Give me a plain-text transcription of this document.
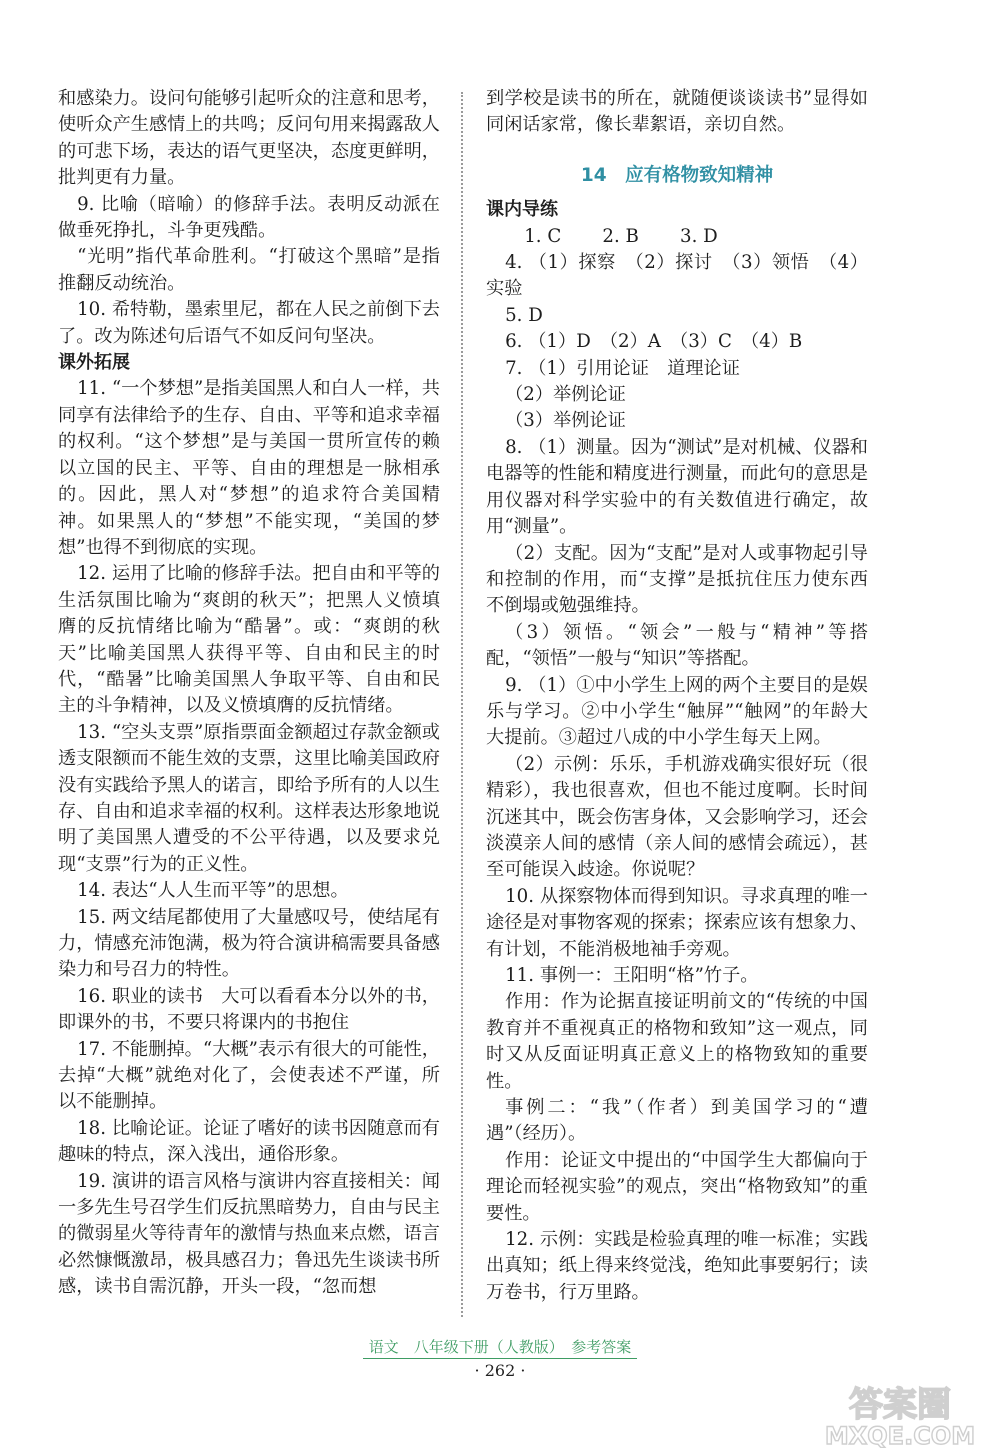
和感染力。设问句能够引起听众的注意和思考，使听众产生感情上的共鸣；反问句用来揭露敌人的可悲下场，表达的语气更坚决，态度更鲜明，批判更有力量。

9. 比喻（暗喻）的修辞手法。表明反动派在做垂死挣扎，斗争更残酷。

“光明”指代革命胜利。“打破这个黑暗”是指推翻反动统治。

10. 希特勒，墨索里尼，都在人民之前倒下去了。改为陈述句后语气不如反问句坚决。

课外拓展

11. “一个梦想”是指美国黑人和白人一样，共同享有法律给予的生存、自由、平等和追求幸福的权利。“这个梦想”是与美国一贯所宣传的赖以立国的民主、平等、自由的理想是一脉相承的。因此，黑人对“梦想”的追求符合美国精神。如果黑人的“梦想”不能实现，“美国的梦想”也得不到彻底的实现。

12. 运用了比喻的修辞手法。把自由和平等的生活氛围比喻为“爽朗的秋天”；把黑人义愤填膺的反抗情绪比喻为“酷暑”。或：“爽朗的秋天”比喻美国黑人获得平等、自由和民主的时代，“酷暑”比喻美国黑人争取平等、自由和民主的斗争精神，以及义愤填膺的反抗情绪。

13. “空头支票”原指票面金额超过存款金额或透支限额而不能生效的支票，这里比喻美国政府没有实践给予黑人的诺言，即给予所有的人以生存、自由和追求幸福的权利。这样表达形象地说明了美国黑人遭受的不公平待遇，以及要求兑现“支票”行为的正义性。

14. 表达“人人生而平等”的思想。

15. 两文结尾都使用了大量感叹号，使结尾有力，情感充沛饱满，极为符合演讲稿需要具备感染力和号召力的特性。

16. 职业的读书　大可以看看本分以外的书，即课外的书，不要只将课内的书抱住

17. 不能删掉。“大概”表示有很大的可能性，去掉“大概”就绝对化了，会使表述不严谨，所以不能删掉。

18. 比喻论证。论证了嗜好的读书因随意而有趣味的特点，深入浅出，通俗形象。

19. 演讲的语言风格与演讲内容直接相关：闻一多先生号召学生们反抗黑暗势力，自由与民主的微弱星火等待青年的激情与热血来点燃，语言必然慷慨激昂，极具感召力；鲁迅先生谈读书所感，读书自需沉静，开头一段，“忽而想

到学校是读书的所在，就随便谈谈读书”显得如同闲话家常，像长辈絮语，亲切自然。

14　应有格物致知精神

课内导练

1. C 2. B 3. D

4. （1）探察　（2）探讨　（3）领悟　（4）实验

5. D

6. （1）D　（2）A　（3）C　（4）B

7. （1）引用论证　道理论证

（2）举例论证

（3）举例论证

8. （1）测量。因为“测试”是对机械、仪器和电器等的性能和精度进行测量，而此句的意思是用仪器对科学实验中的有关数值进行确定，故用“测量”。

（2）支配。因为“支配”是对人或事物起引导和控制的作用，而“支撑”是抵抗住压力使东西不倒塌或勉强维持。

（3）领悟。“领会”一般与“精神”等搭配，“领悟”一般与“知识”等搭配。

9. （1）①中小学生上网的两个主要目的是娱乐与学习。②中小学生“触屏”“触网”的年龄大大提前。③超过八成的中小学生每天上网。

（2）示例：乐乐，手机游戏确实很好玩（很精彩），我也很喜欢，但也不能过度啊。长时间沉迷其中，既会伤害身体，又会影响学习，还会淡漠亲人间的感情（亲人间的感情会疏远），甚至可能误入歧途。你说呢？

10. 从探察物体而得到知识。寻求真理的唯一途径是对事物客观的探索；探索应该有想象力、有计划，不能消极地袖手旁观。

11. 事例一：王阳明“格”竹子。

作用：作为论据直接证明前文的“传统的中国教育并不重视真正的格物和致知”这一观点，同时又从反面证明真正意义上的格物致知的重要性。

事例二：“我”（作者）到美国学习的“遭遇”（经历）。

作用：论证文中提出的“中国学生大都偏向于理论而轻视实验”的观点，突出“格物致知”的重要性。

12. 示例：实践是检验真理的唯一标准；实践出真知；纸上得来终觉浅，绝知此事要躬行；读万卷书，行万里路。

语文　八年级下册（人教版）　参考答案
· 262 ·
答案圈
MXQE.COM
